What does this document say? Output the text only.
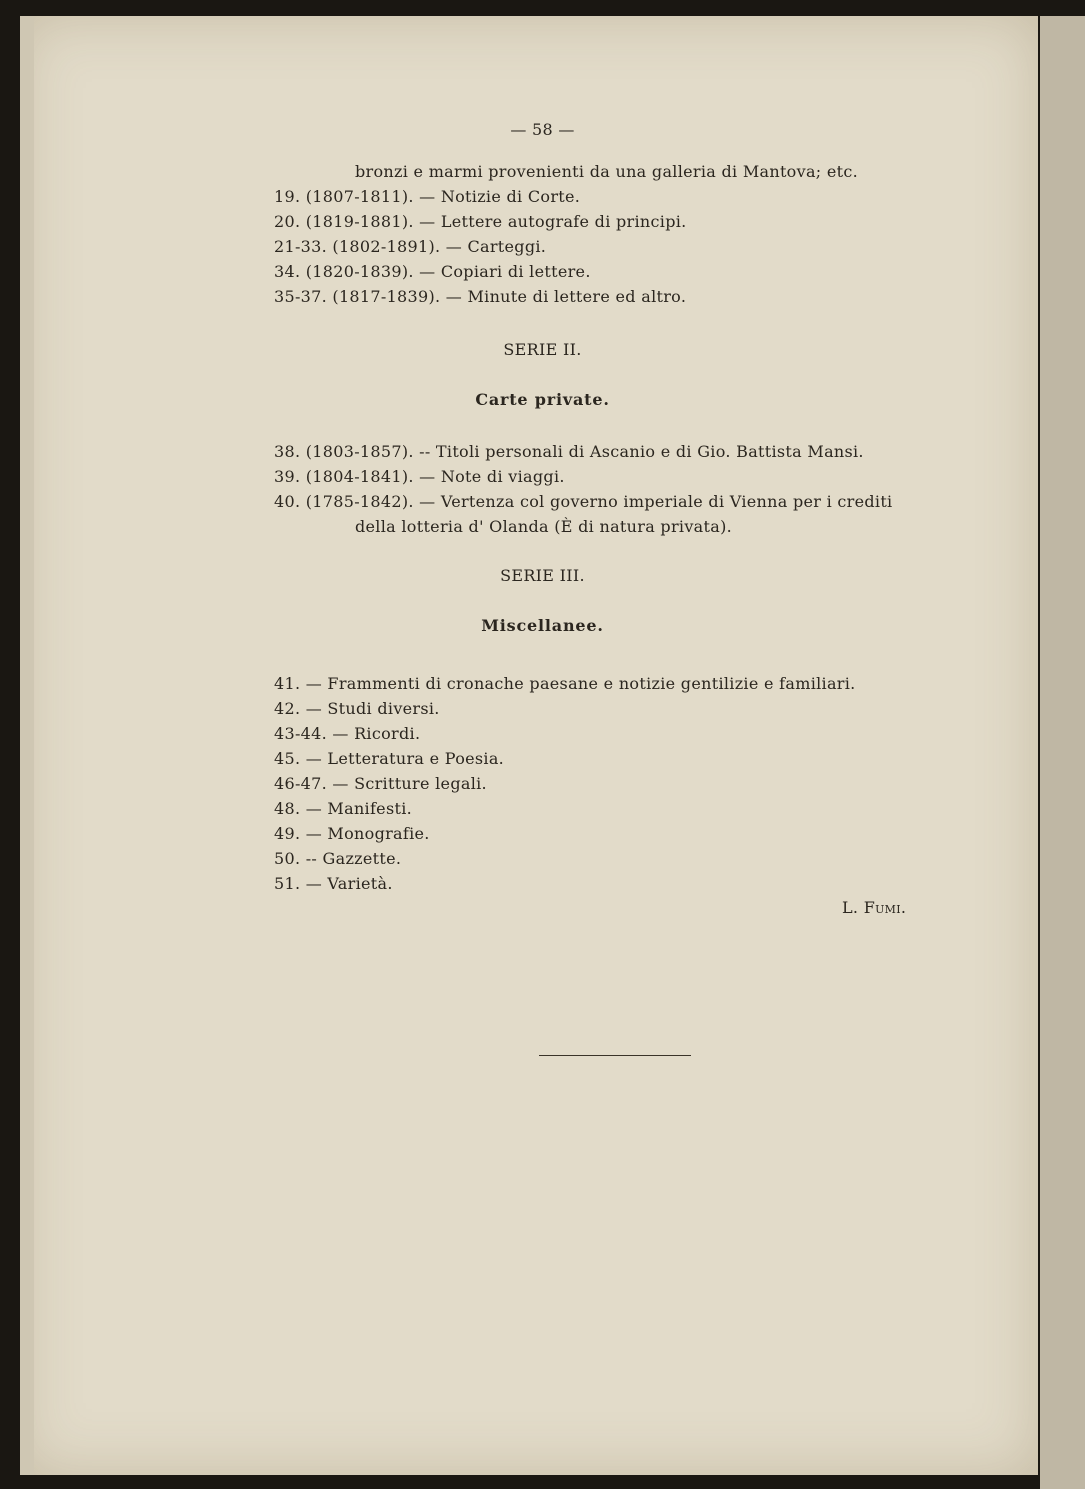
— 58 —
bronzi e marmi provenienti da una galleria di Mantova; etc.
19. (1807-1811). — Notizie di Corte.
20. (1819-1881). — Lettere autografe di principi.
21-33. (1802-1891). — Carteggi.
34. (1820-1839). — Copiari di lettere.
35-37. (1817-1839). — Minute di lettere ed altro.
SERIE II.
Carte private.
38. (1803-1857). -- Titoli personali di Ascanio e di Gio. Battista Mansi.
39. (1804-1841). — Note di viaggi.
40. (1785-1842). — Vertenza col governo imperiale di Vienna per i crediti
della lotteria d' Olanda (È di natura privata).
SERIE III.
Miscellanee.
41. — Frammenti di cronache paesane e notizie gentilizie e familiari.
42. — Studi diversi.
43-44. — Ricordi.
45. — Letteratura e Poesia.
46-47. — Scritture legali.
48. — Manifesti.
49. — Monografie.
50. -- Gazzette.
51. — Varietà.
L. Fumi.
